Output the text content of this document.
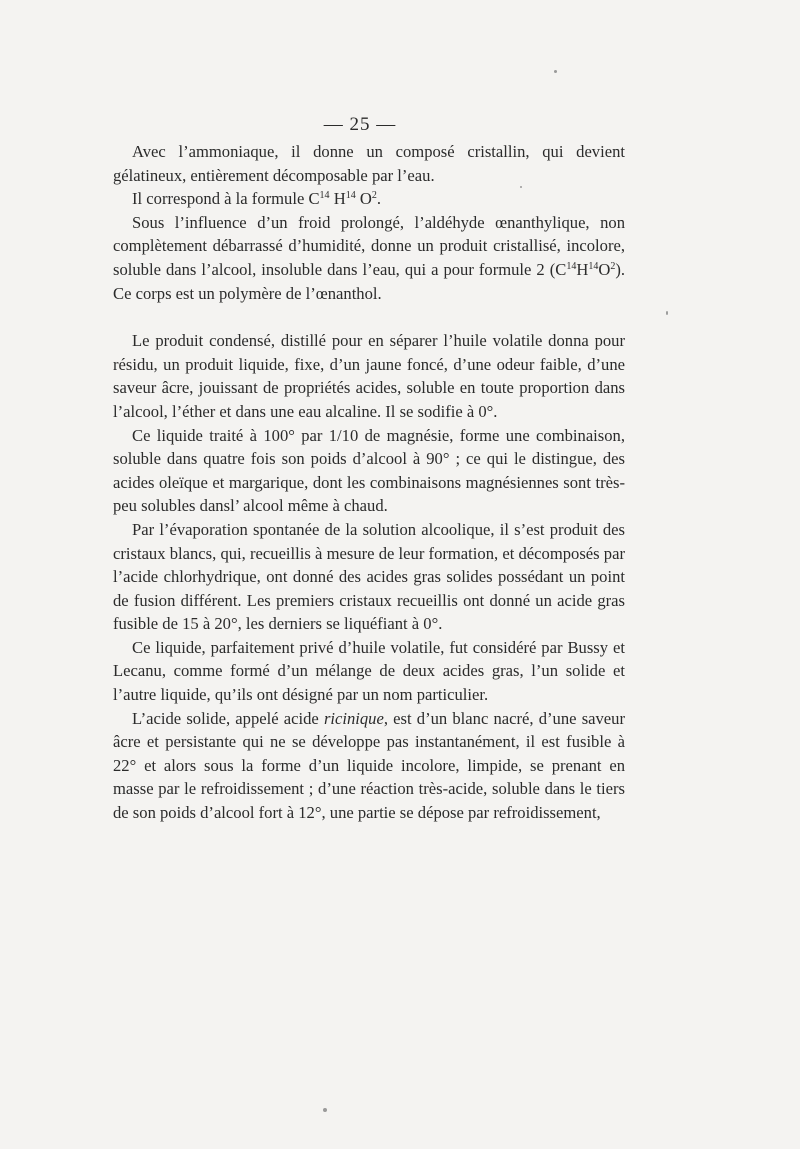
— 25 —

Avec l’ammoniaque, il donne un composé cristallin, qui devient gélatineux, entièrement décomposable par l’eau.

Il correspond à la formule $C^{14}$ $H^{14}$ $O^2$.

Sous l’influence d’un froid prolongé, l’aldéhyde œnanthylique, non complètement débarrassé d’humidité, donne un produit cristallisé, incolore, soluble dans l’alcool, insoluble dans l’eau, qui a pour formule 2 $(C^{14}H^{14}O^2)$. Ce corps est un polymère de l’œnanthol.

Le produit condensé, distillé pour en séparer l’huile volatile donna pour résidu, un produit liquide, fixe, d’un jaune foncé, d’une odeur faible, d’une saveur âcre, jouissant de propriétés acides, soluble en toute proportion dans l’alcool, l’éther et dans une eau alcaline. Il se sodifie à 0°.

Ce liquide traité à 100° par 1/10 de magnésie, forme une combinaison, soluble dans quatre fois son poids d’alcool à 90° ; ce qui le distingue, des acides oleïque et margarique, dont les combinaisons magnésiennes sont très-peu solubles dansl’ alcool même à chaud.

Par l’évaporation spontanée de la solution alcoolique, il s’est produit des cristaux blancs, qui, recueillis à mesure de leur formation, et décomposés par l’acide chlorhydrique, ont donné des acides gras solides possédant un point de fusion différent. Les premiers cristaux recueillis ont donné un acide gras fusible de 15 à 20°, les derniers se liquéfiant à 0°.

Ce liquide, parfaitement privé d’huile volatile, fut considéré par Bussy et Lecanu, comme formé d’un mélange de deux acides gras, l’un solide et l’autre liquide, qu’ils ont désigné par un nom particulier.

L’acide solide, appelé acide ricinique, est d’un blanc nacré, d’une saveur âcre et persistante qui ne se développe pas instantanément, il est fusible à 22° et alors sous la forme d’un liquide incolore, limpide, se prenant en masse par le refroidissement ; d’une réaction très-acide, soluble dans le tiers de son poids d’alcool fort à 12°, une partie se dépose par refroidissement,
